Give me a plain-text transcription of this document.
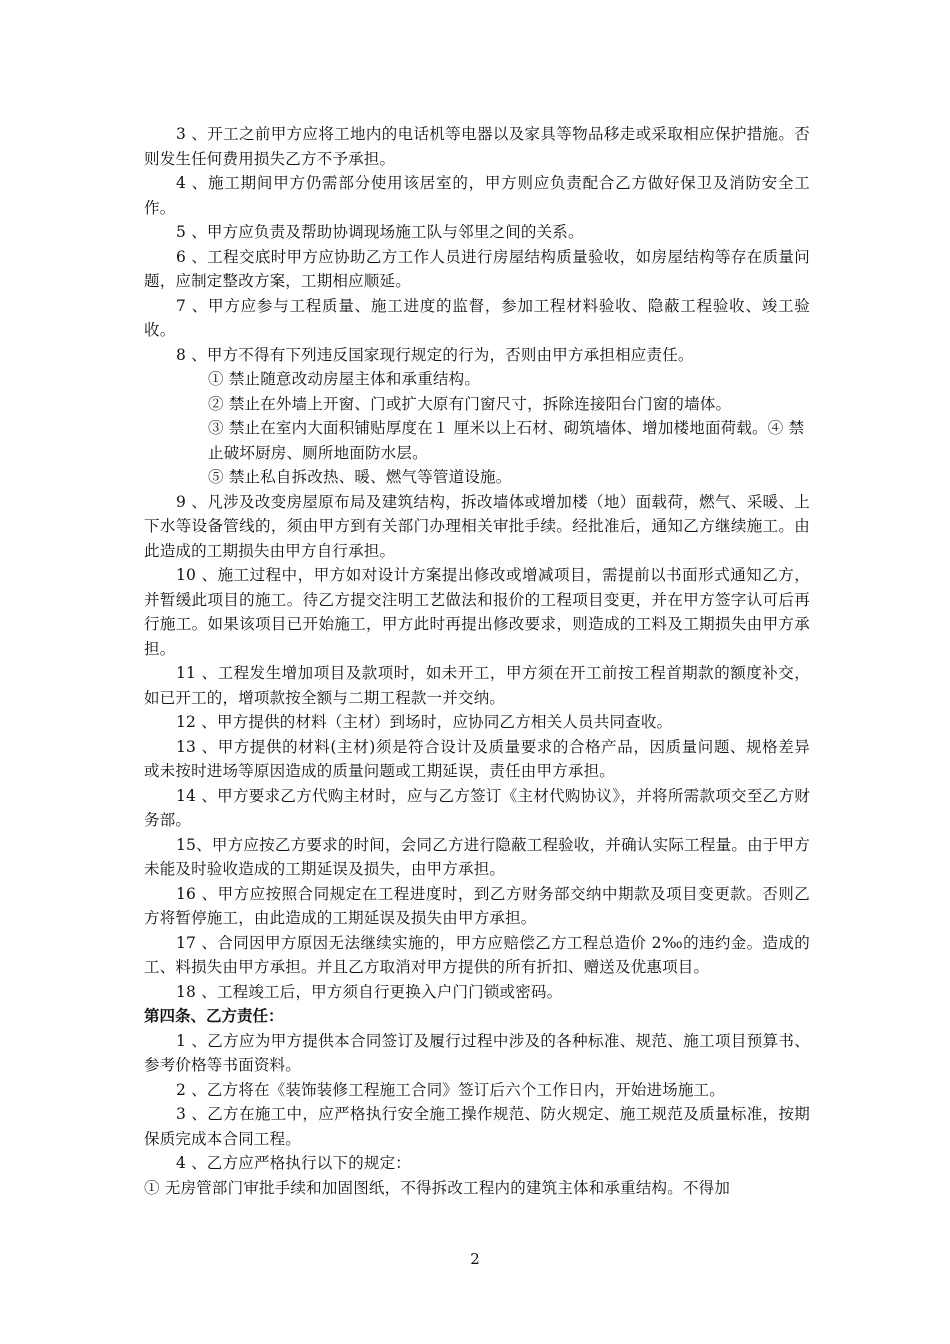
3 、开工之前甲方应将工地内的电话机等电器以及家具等物品移走或采取相应保护措施。否则发生任何费用损失乙方不予承担。

4 、施工期间甲方仍需部分使用该居室的，甲方则应负责配合乙方做好保卫及消防安全工作。

5 、甲方应负责及帮助协调现场施工队与邻里之间的关系。

6 、工程交底时甲方应协助乙方工作人员进行房屋结构质量验收，如房屋结构等存在质量问题，应制定整改方案，工期相应顺延。

7 、甲方应参与工程质量、施工进度的监督，参加工程材料验收、隐蔽工程验收、竣工验收。

8 、甲方不得有下列违反国家现行规定的行为，否则由甲方承担相应责任。

① 禁止随意改动房屋主体和承重结构。

② 禁止在外墙上开窗、门或扩大原有门窗尺寸，拆除连接阳台门窗的墙体。

③ 禁止在室内大面积铺贴厚度在１ 厘米以上石材、砌筑墙体、增加楼地面荷载。④ 禁止破坏厨房、厕所地面防水层。

⑤ 禁止私自拆改热、暖、燃气等管道设施。

9 、凡涉及改变房屋原布局及建筑结构，拆改墙体或增加楼（地）面载荷，燃气、采暖、上下水等设备管线的，须由甲方到有关部门办理相关审批手续。经批准后，通知乙方继续施工。由此造成的工期损失由甲方自行承担。

10 、施工过程中，甲方如对设计方案提出修改或增减项目，需提前以书面形式通知乙方，并暂缓此项目的施工。待乙方提交注明工艺做法和报价的工程项目变更，并在甲方签字认可后再行施工。如果该项目已开始施工，甲方此时再提出修改要求，则造成的工料及工期损失由甲方承担。

11 、工程发生增加项目及款项时，如未开工，甲方须在开工前按工程首期款的额度补交，如已开工的，增项款按全额与二期工程款一并交纳。

12 、甲方提供的材料（主材）到场时，应协同乙方相关人员共同查收。

13 、甲方提供的材料(主材)须是符合设计及质量要求的合格产品，因质量问题、规格差异或未按时进场等原因造成的质量问题或工期延误，责任由甲方承担。

14 、甲方要求乙方代购主材时，应与乙方签订《主材代购协议》，并将所需款项交至乙方财务部。

15、甲方应按乙方要求的时间，会同乙方进行隐蔽工程验收，并确认实际工程量。由于甲方未能及时验收造成的工期延误及损失，由甲方承担。

16 、甲方应按照合同规定在工程进度时，到乙方财务部交纳中期款及项目变更款。否则乙方将暂停施工，由此造成的工期延误及损失由甲方承担。

17 、合同因甲方原因无法继续实施的，甲方应赔偿乙方工程总造价 2‰的违约金。造成的工、料损失由甲方承担。并且乙方取消对甲方提供的所有折扣、赠送及优惠项目。

18 、工程竣工后，甲方须自行更换入户门门锁或密码。

第四条、乙方责任：

1 、乙方应为甲方提供本合同签订及履行过程中涉及的各种标准、规范、施工项目预算书、参考价格等书面资料。

2 、乙方将在《装饰装修工程施工合同》签订后六个工作日内，开始进场施工。

3 、乙方在施工中，应严格执行安全施工操作规范、防火规定、施工规范及质量标准，按期保质完成本合同工程。

4 、乙方应严格执行以下的规定：

① 无房管部门审批手续和加固图纸，不得拆改工程内的建筑主体和承重结构。不得加

2
